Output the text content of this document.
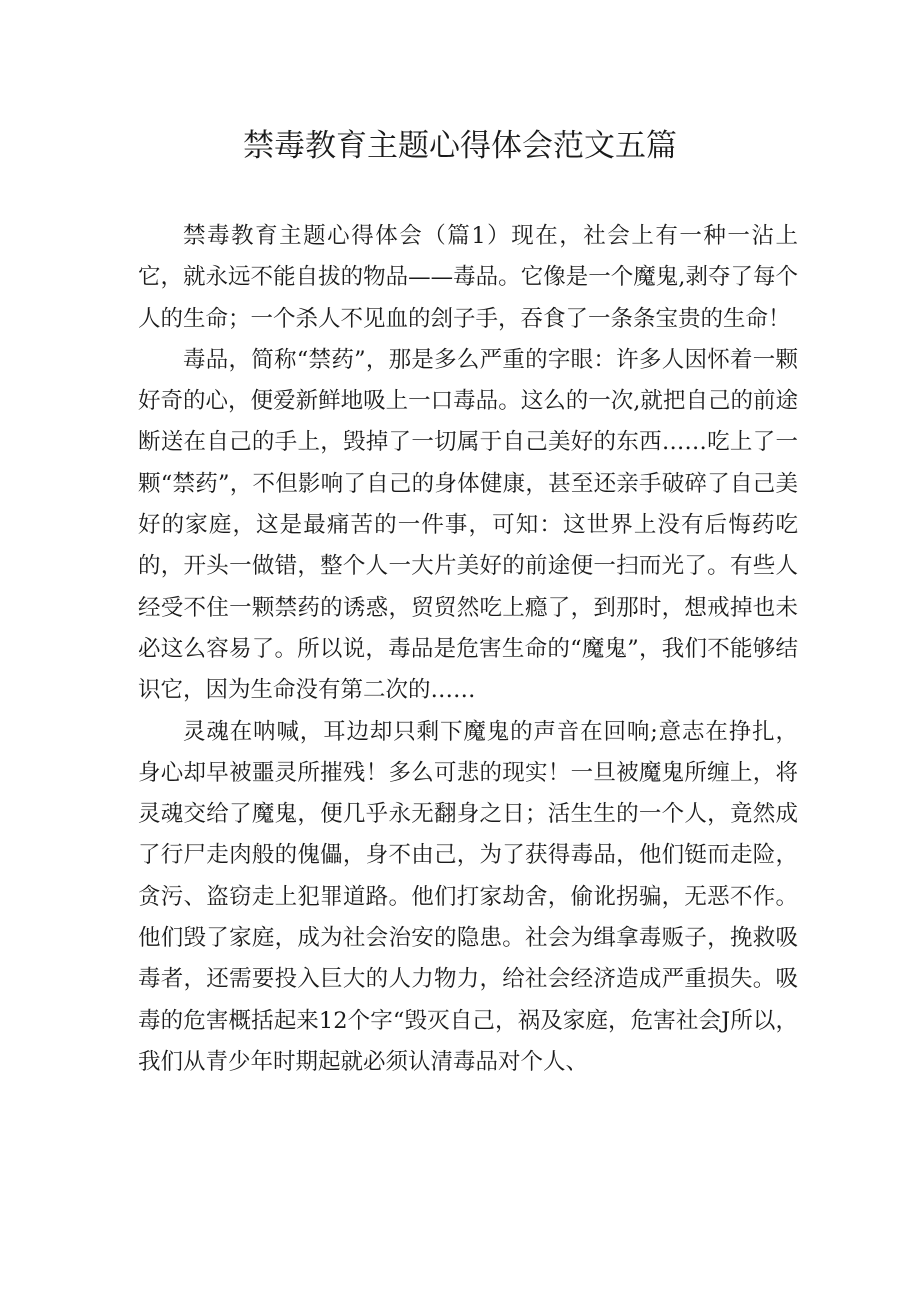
禁毒教育主题心得体会范文五篇

禁毒教育主题心得体会（篇1）现在，社会上有一种一沾上它，就永远不能自拔的物品——毒品。它像是一个魔鬼,剥夺了每个人的生命；一个杀人不见血的刽子手，吞食了一条条宝贵的生命！

毒品，简称“禁药”，那是多么严重的字眼：许多人因怀着一颗好奇的心，便爱新鲜地吸上一口毒品。这么的一次,就把自己的前途断送在自己的手上，毁掉了一切属于自己美好的东西……吃上了一颗“禁药”，不但影响了自己的身体健康，甚至还亲手破碎了自己美好的家庭，这是最痛苦的一件事，可知：这世界上没有后悔药吃的，开头一做错，整个人一大片美好的前途便一扫而光了。有些人经受不住一颗禁药的诱惑，贸贸然吃上瘾了，到那时，想戒掉也未必这么容易了。所以说，毒品是危害生命的“魔鬼”，我们不能够结识它，因为生命没有第二次的……

灵魂在呐喊，耳边却只剩下魔鬼的声音在回响;意志在挣扎，身心却早被噩灵所摧残！多么可悲的现实！一旦被魔鬼所缠上，将灵魂交给了魔鬼，便几乎永无翻身之日；活生生的一个人，竟然成了行尸走肉般的傀儡，身不由己，为了获得毒品，他们铤而走险，贪污、盗窃走上犯罪道路。他们打家劫舍，偷讹拐骗，无恶不作。他们毁了家庭，成为社会治安的隐患。社会为缉拿毒贩子，挽救吸毒者，还需要投入巨大的人力物力，给社会经济造成严重损失。吸毒的危害概括起来12个字“毁灭自己，祸及家庭，危害社会J所以，我们从青少年时期起就必须认清毒品对个人、
